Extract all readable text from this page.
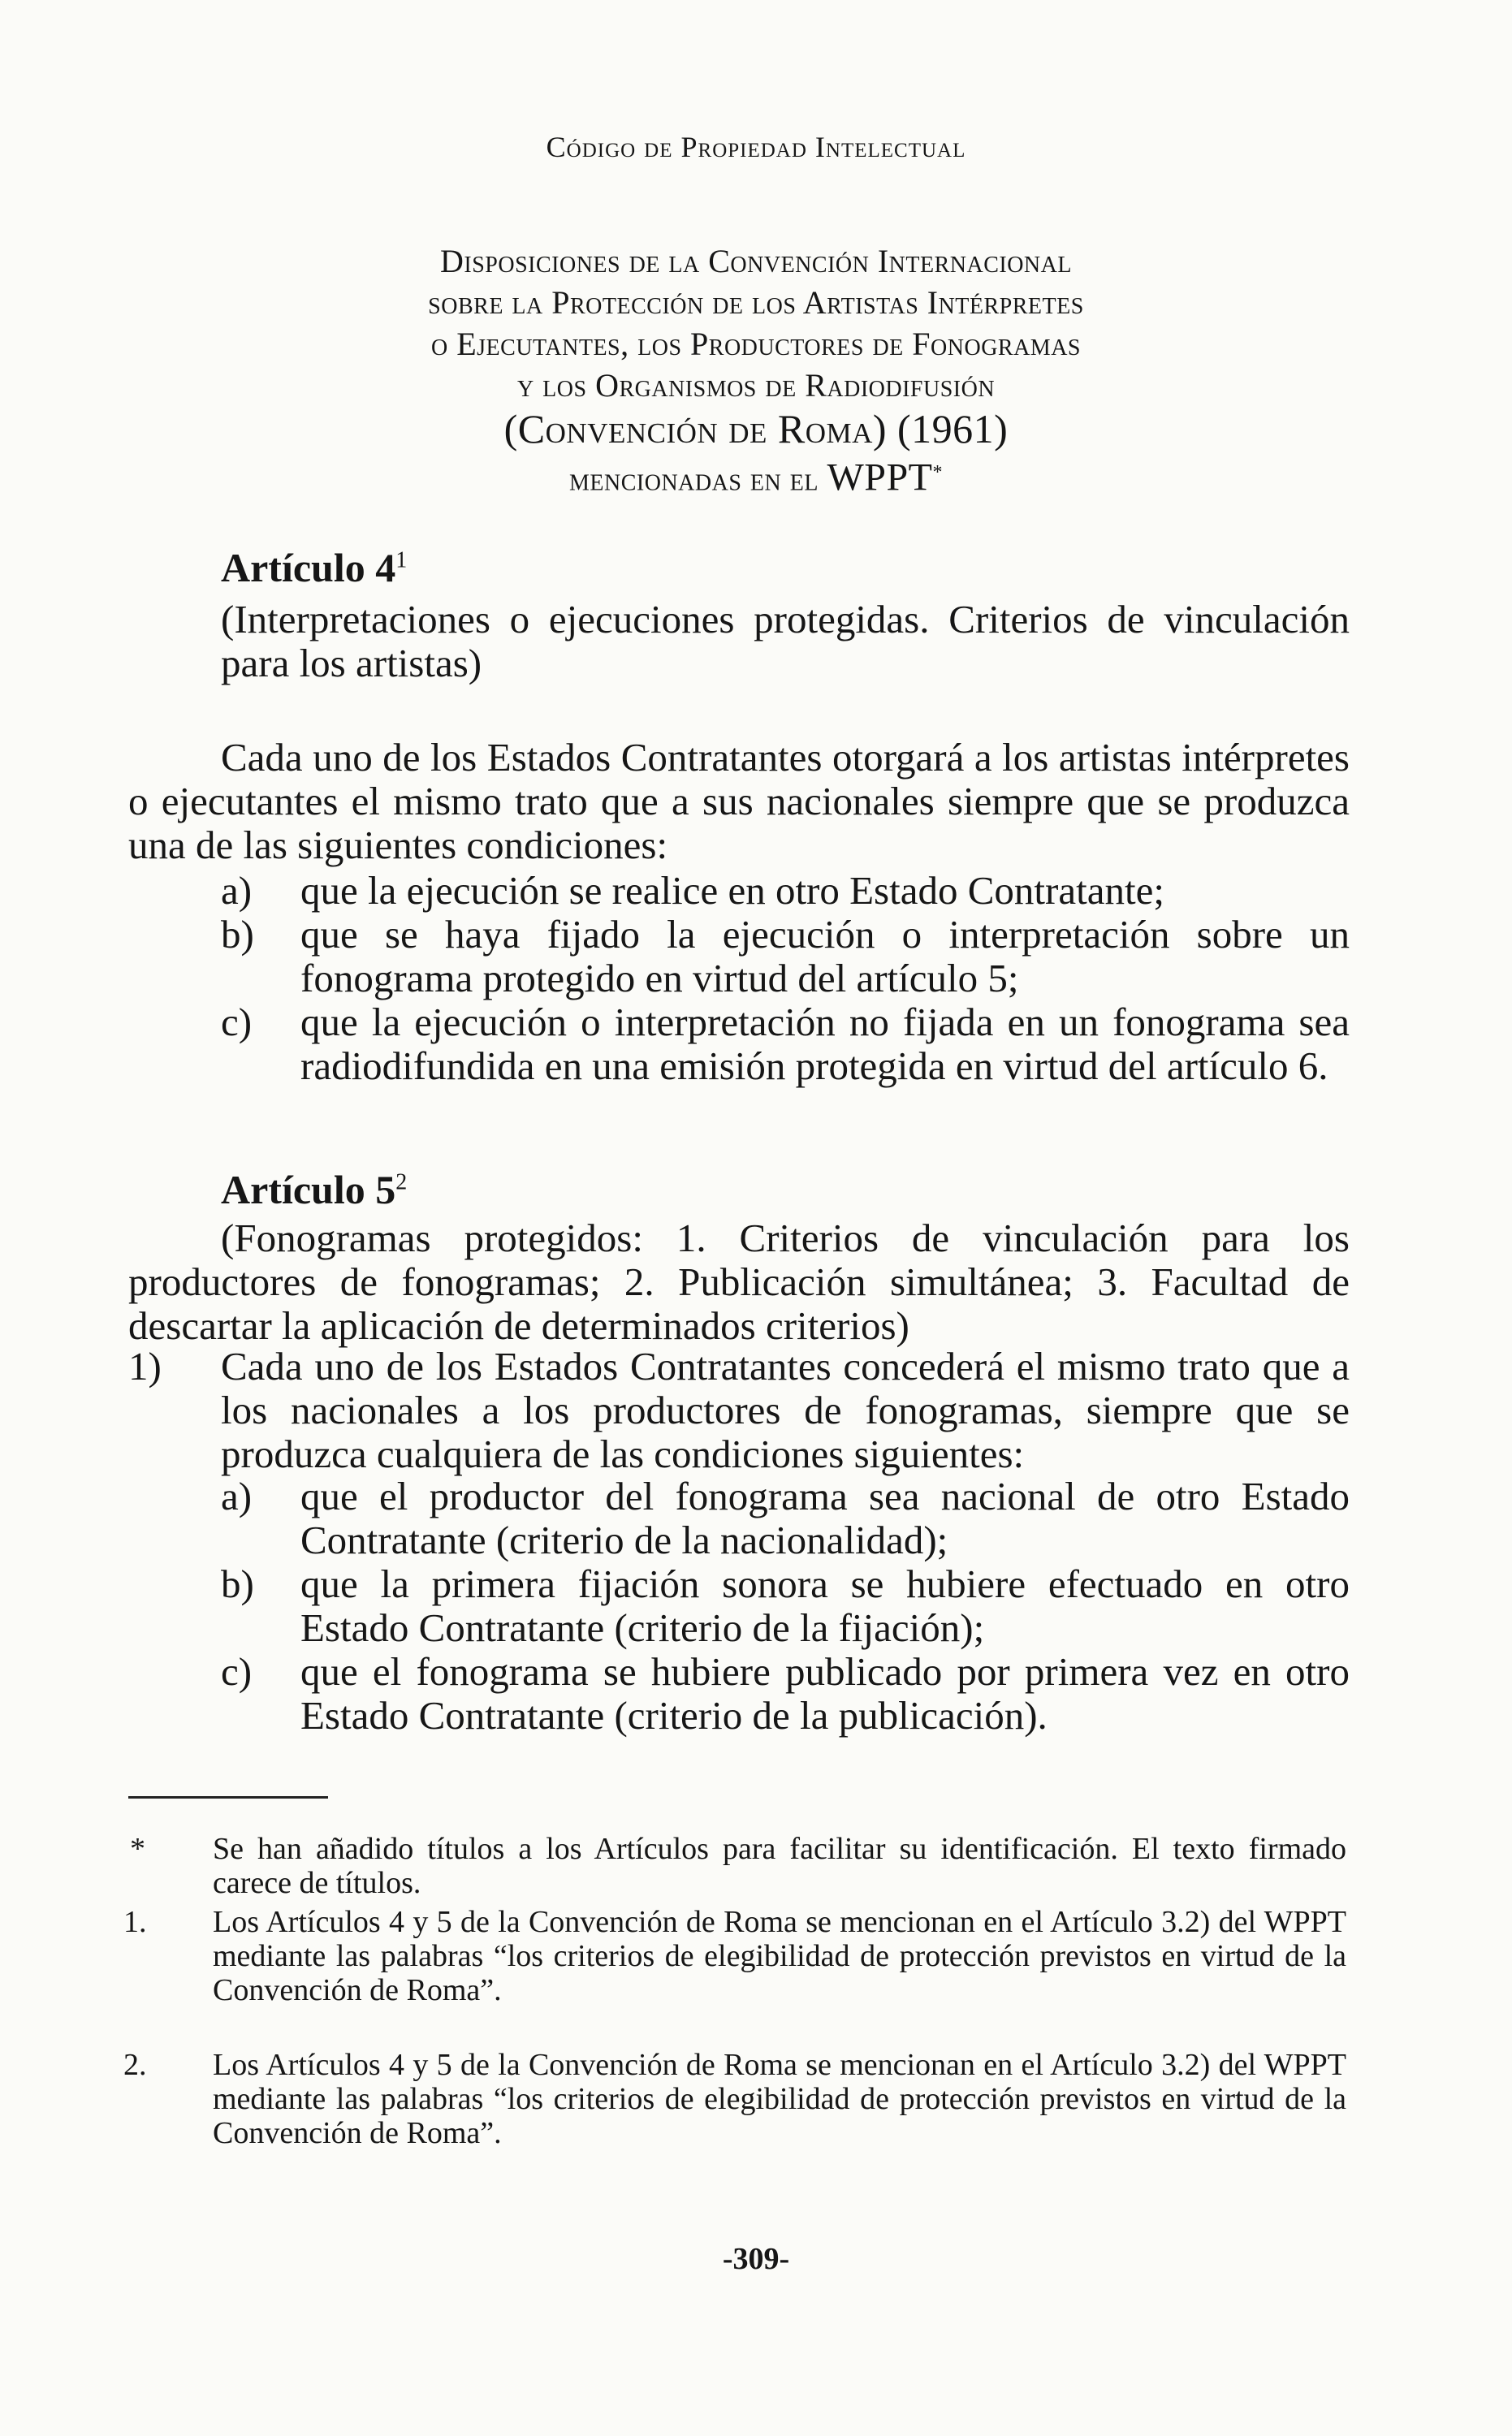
Código de Propiedad Intelectual
Disposiciones de la Convención Internacional
sobre la Protección de los Artistas Intérpretes
o Ejecutantes, los Productores de Fonogramas
y los Organismos de Radiodifusión
(Convención de Roma) (1961)
mencionadas en el WPPT*
Artículo $4^1$
(Interpretaciones o ejecuciones protegidas. Criterios de vinculación para los artistas)
Cada uno de los Estados Contratantes otorgará a los artistas intérpretes o ejecutantes el mismo trato que a sus nacionales siempre que se produzca una de las siguientes condiciones:
a) que la ejecución se realice en otro Estado Contratante;
b) que se haya fijado la ejecución o interpretación sobre un fonograma protegido en virtud del artículo 5;
c) que la ejecución o interpretación no fijada en un fonograma sea radiodifundida en una emisión protegida en virtud del artículo 6.
Artículo $5^2$
(Fonogramas protegidos: 1. Criterios de vinculación para los productores de fonogramas; 2. Publicación simultánea; 3. Facultad de descartar la aplicación de determinados criterios)
1) Cada uno de los Estados Contratantes concederá el mismo trato que a los nacionales a los productores de fonogramas, siempre que se produzca cualquiera de las condiciones siguientes:
a) que el productor del fonograma sea nacional de otro Estado Contratante (criterio de la nacionalidad);
b) que la primera fijación sonora se hubiere efectuado en otro Estado Contratante (criterio de la fijación);
c) que el fonograma se hubiere publicado por primera vez en otro Estado Contratante (criterio de la publicación).
* Se han añadido títulos a los Artículos para facilitar su identificación. El texto firmado carece de títulos.
1. Los Artículos 4 y 5 de la Convención de Roma se mencionan en el Artículo 3.2) del WPPT mediante las palabras “los criterios de elegibilidad de protección previstos en virtud de la Convención de Roma”.
2. Los Artículos 4 y 5 de la Convención de Roma se mencionan en el Artículo 3.2) del WPPT mediante las palabras “los criterios de elegibilidad de protección previstos en virtud de la Convención de Roma”.
-309-
